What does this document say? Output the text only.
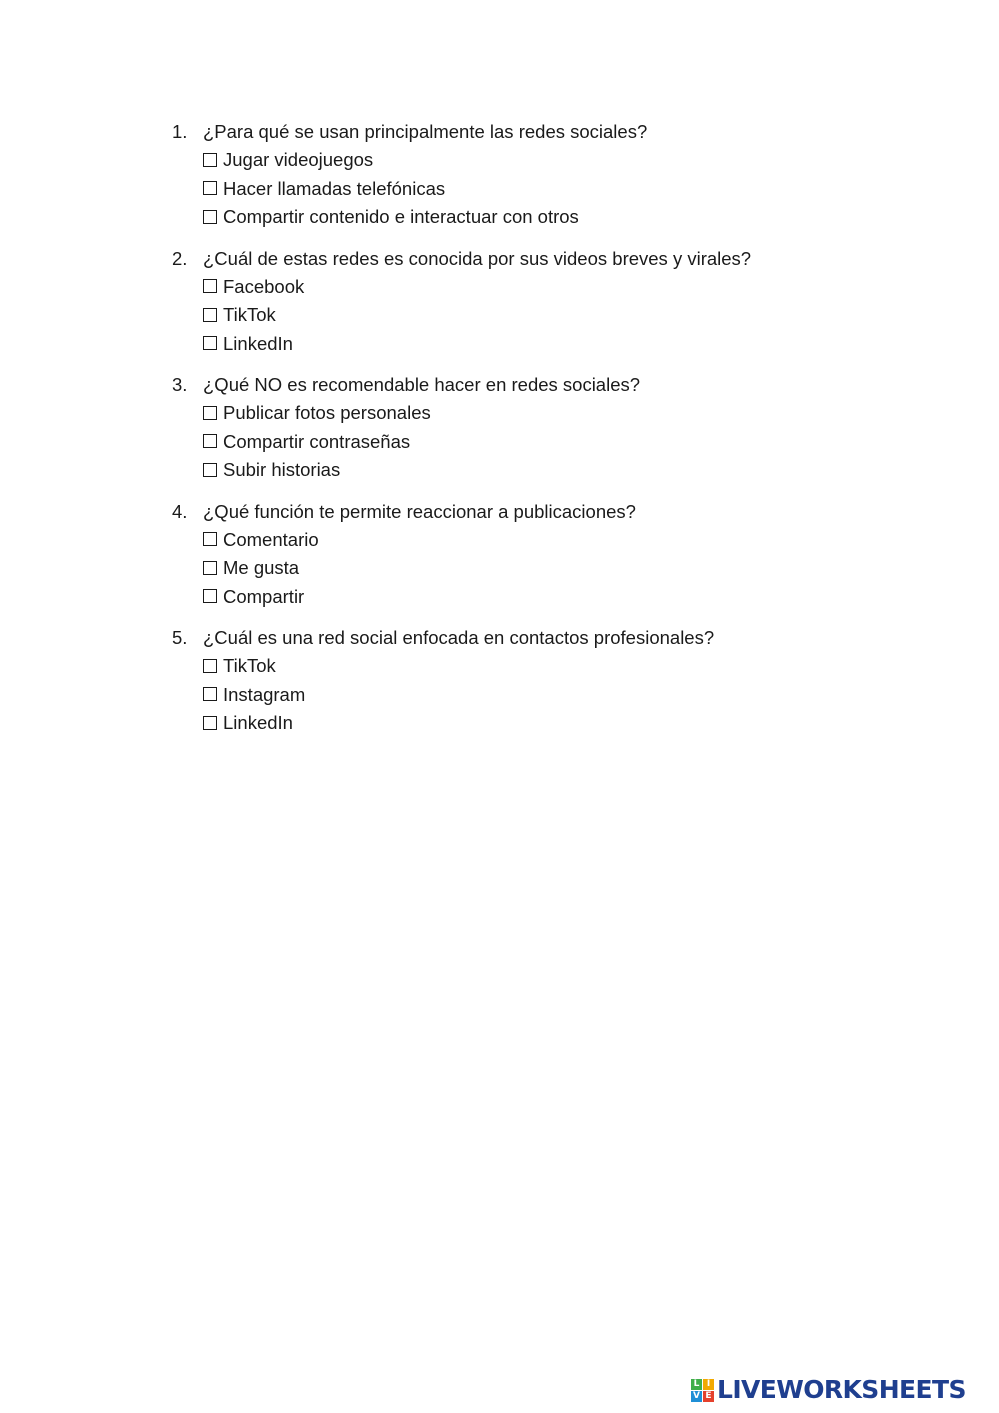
1. ¿Para qué se usan principalmente las redes sociales?
Jugar videojuegos
Hacer llamadas telefónicas
Compartir contenido e interactuar con otros
2. ¿Cuál de estas redes es conocida por sus videos breves y virales?
Facebook
TikTok
LinkedIn
3. ¿Qué NO es recomendable hacer en redes sociales?
Publicar fotos personales
Compartir contraseñas
Subir historias
4. ¿Qué función te permite reaccionar a publicaciones?
Comentario
Me gusta
Compartir
5. ¿Cuál es una red social enfocada en contactos profesionales?
TikTok
Instagram
LinkedIn
L I
V E LIVEWORKSHEETS
